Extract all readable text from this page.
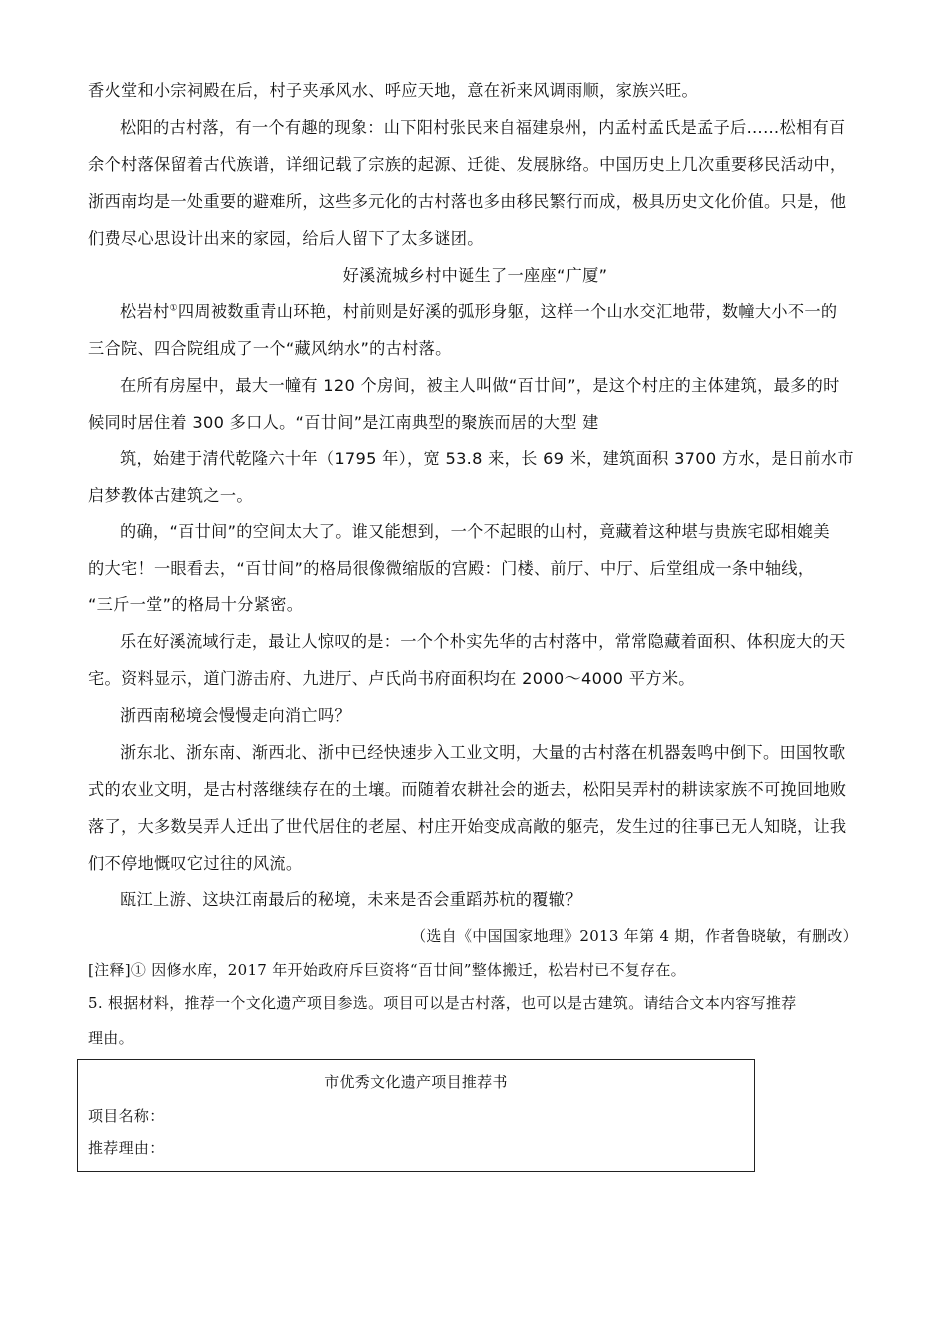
香火堂和小宗祠殿在后，村子夹承风水、呼应天地，意在祈来风调雨顺，家族兴旺。
松阳的古村落，有一个有趣的现象：山下阳村张民来自福建泉州，内孟村孟氏是孟子后……松相有百
余个村落保留着古代族谱，详细记载了宗族的起源、迁徙、发展脉络。中国历史上几次重要移民活动中，
浙西南均是一处重要的避难所，这些多元化的古村落也多由移民繁行而成，极具历史文化价值。只是，他
们费尽心思设计出来的家园，给后人留下了太多谜团。
好溪流城乡村中诞生了一座座“广厦”
松岩村①四周被数重青山环艳，村前则是好溪的弧形身躯，这样一个山水交汇地带，数幢大小不一的
三合院、四合院组成了一个“藏风纳水”的古村落。
在所有房屋中，最大一幢有 120 个房间，被主人叫做“百廿间”，是这个村庄的主体建筑，最多的时
候同时居住着 300 多口人。“百廿间”是江南典型的聚族而居的大型 建
筑，始建于清代乾隆六十年（1795 年），宽 53.8 来，长 69 米，建筑面积 3700 方水，是日前水市
启梦教体古建筑之一。
的确，“百廿间”的空间太大了。谁又能想到，一个不起眼的山村，竟藏着这种堪与贵族宅邸相媲美
的大宅！一眼看去，“百廿间”的格局很像微缩版的宫殿：门楼、前厅、中厅、后堂组成一条中轴线，
“三斤一堂”的格局十分紧密。
乐在好溪流域行走，最让人惊叹的是：一个个朴实先华的古村落中，常常隐藏着面积、体积庞大的天
宅。资料显示，道门游击府、九进厅、卢氏尚书府面积均在 2000～4000 平方米。
浙西南秘境会慢慢走向消亡吗？
浙东北、浙东南、渐西北、浙中已经快速步入工业文明，大量的古村落在机器轰鸣中倒下。田国牧歌
式的农业文明，是古村落继续存在的土壤。而随着农耕社会的逝去，松阳吴弄村的耕读家族不可挽回地败
落了，大多数吴弄人迁出了世代居住的老屋、村庄开始变成高敞的躯壳，发生过的往事已无人知晓，让我
们不停地慨叹它过往的风流。
瓯江上游、这块江南最后的秘境，未来是否会重蹈苏杭的覆辙？
（选自《中国国家地理》2013 年第 4 期，作者鲁晓敏，有删改）
[注释]① 因修水库，2017 年开始政府斥巨资将“百廿间”整体搬迁，松岩村已不复存在。
5. 根据材料，推荐一个文化遗产项目参选。项目可以是古村落，也可以是古建筑。请结合文本内容写推荐
理由。
市优秀文化遗产项目推荐书
项目名称：
推荐理由：
